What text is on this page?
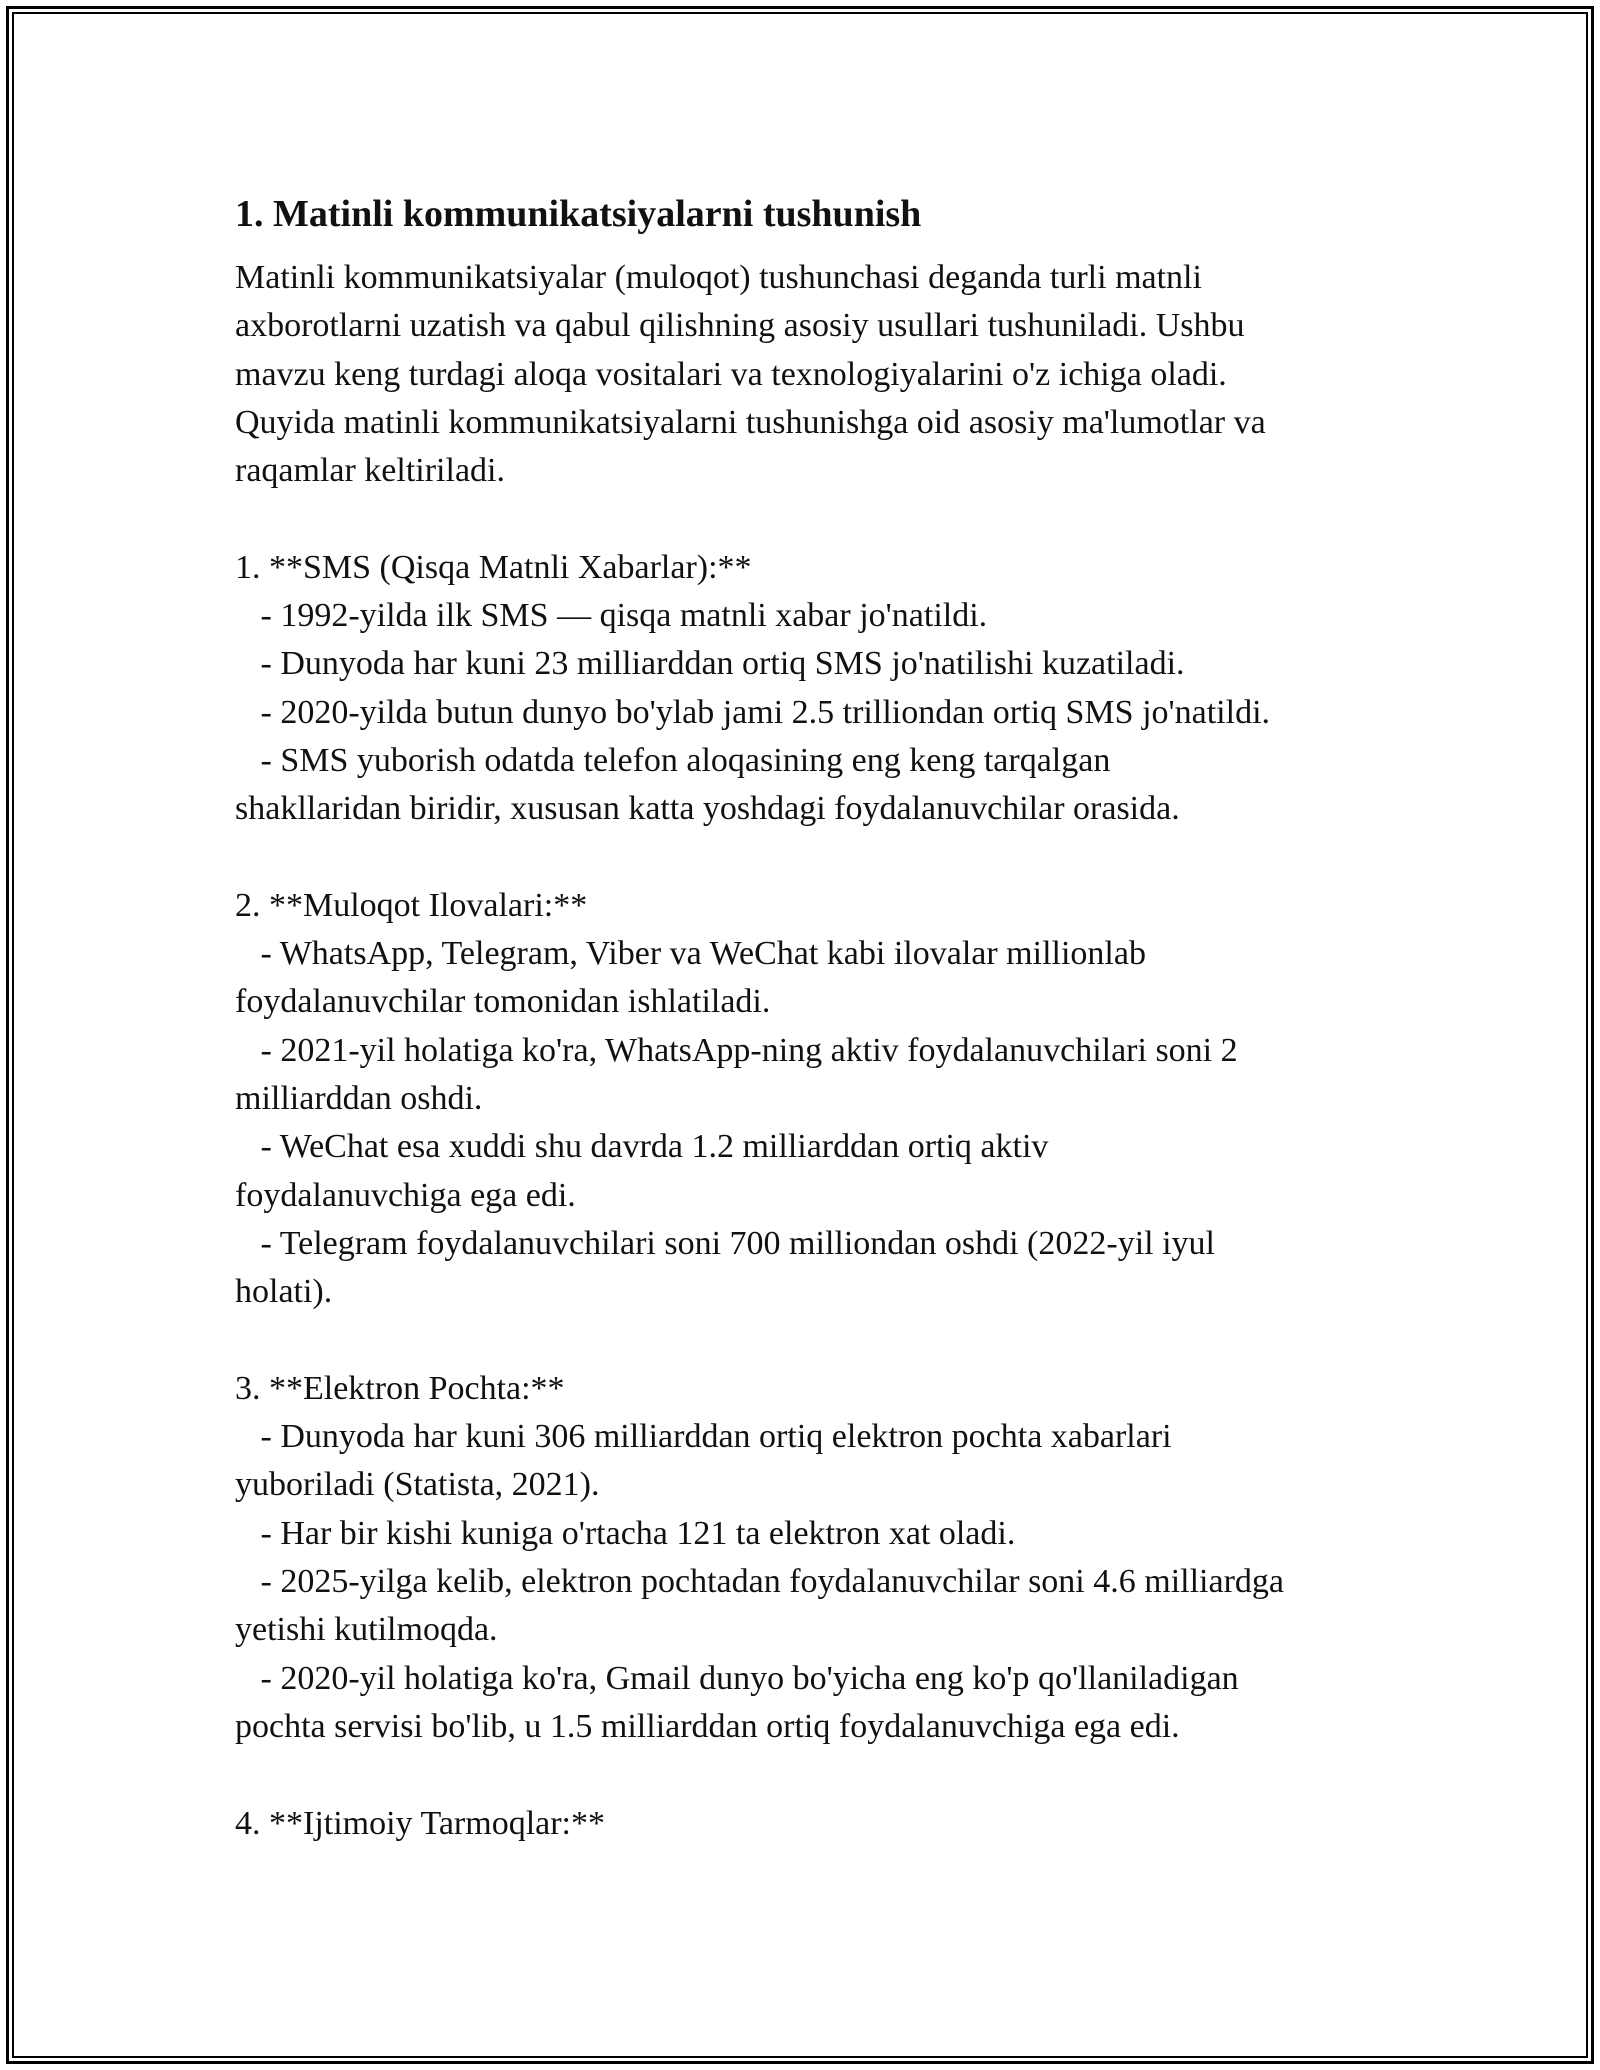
1. Matinli kommunikatsiyalarni tushunish

Matinli kommunikatsiyalar (muloqot) tushunchasi deganda turli matnli

axborotlarni uzatish va qabul qilishning asosiy usullari tushuniladi. Ushbu

mavzu keng turdagi aloqa vositalari va texnologiyalarini o'z ichiga oladi.

Quyida matinli kommunikatsiyalarni tushunishga oid asosiy ma'lumotlar va

raqamlar keltiriladi.

1. **SMS (Qisqa Matnli Xabarlar):**

- 1992-yilda ilk SMS — qisqa matnli xabar jo'natildi.

- Dunyoda har kuni 23 milliarddan ortiq SMS jo'natilishi kuzatiladi.

- 2020-yilda butun dunyo bo'ylab jami 2.5 trilliondan ortiq SMS jo'natildi.

- SMS yuborish odatda telefon aloqasining eng keng tarqalgan

shakllaridan biridir, xususan katta yoshdagi foydalanuvchilar orasida.

2. **Muloqot Ilovalari:**

- WhatsApp, Telegram, Viber va WeChat kabi ilovalar millionlab

foydalanuvchilar tomonidan ishlatiladi.

- 2021-yil holatiga ko'ra, WhatsApp-ning aktiv foydalanuvchilari soni 2

milliarddan oshdi.

- WeChat esa xuddi shu davrda 1.2 milliarddan ortiq aktiv

foydalanuvchiga ega edi.

- Telegram foydalanuvchilari soni 700 milliondan oshdi (2022-yil iyul

holati).

3. **Elektron Pochta:**

- Dunyoda har kuni 306 milliarddan ortiq elektron pochta xabarlari

yuboriladi (Statista, 2021).

- Har bir kishi kuniga o'rtacha 121 ta elektron xat oladi.

- 2025-yilga kelib, elektron pochtadan foydalanuvchilar soni 4.6 milliardga

yetishi kutilmoqda.

- 2020-yil holatiga ko'ra, Gmail dunyo bo'yicha eng ko'p qo'llaniladigan

pochta servisi bo'lib, u 1.5 milliarddan ortiq foydalanuvchiga ega edi.

4. **Ijtimoiy Tarmoqlar:**
